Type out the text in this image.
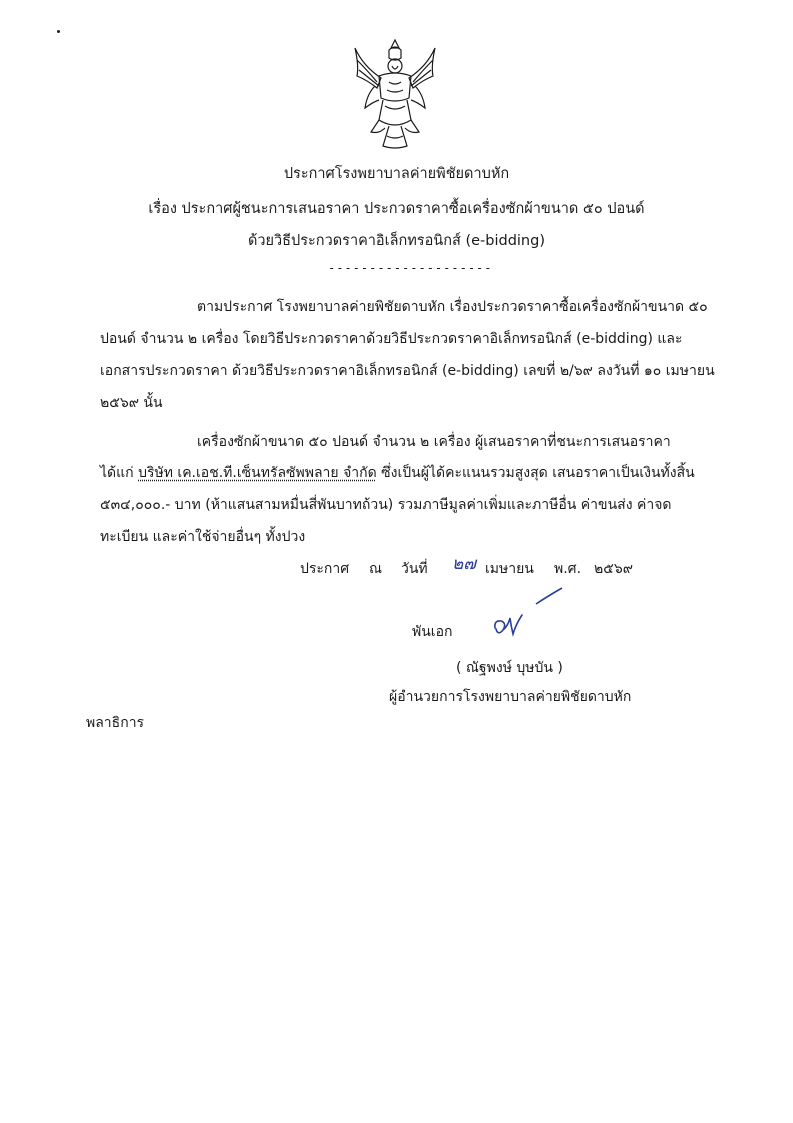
ประกาศโรงพยาบาลค่ายพิชัยดาบหัก
เรื่อง ประกาศผู้ชนะการเสนอราคา ประกวดราคาซื้อเครื่องซักผ้าขนาด ๕๐ ปอนด์
ด้วยวิธีประกวดราคาอิเล็กทรอนิกส์ (e-bidding)
--------------------
ตามประกาศ โรงพยาบาลค่ายพิชัยดาบหัก เรื่องประกวดราคาซื้อเครื่องซักผ้าขนาด ๕๐
ปอนด์ จำนวน ๒ เครื่อง โดยวิธีประกวดราคาด้วยวิธีประกวดราคาอิเล็กทรอนิกส์ (e-bidding) และ
เอกสารประกวดราคา ด้วยวิธีประกวดราคาอิเล็กทรอนิกส์ (e-bidding) เลขที่ ๒/๖๙ ลงวันที่ ๑๐ เมษายน
๒๕๖๙ นั้น
เครื่องซักผ้าขนาด ๕๐ ปอนด์ จำนวน ๒ เครื่อง ผู้เสนอราคาที่ชนะการเสนอราคา
ได้แก่ บริษัท เค.เอช.ที.เซ็นทรัลซัพพลาย จำกัด ซึ่งเป็นผู้ได้คะแนนรวมสูงสุด เสนอราคาเป็นเงินทั้งสิ้น
๕๓๔,๐๐๐.- บาท (ห้าแสนสามหมื่นสี่พันบาทถ้วน) รวมภาษีมูลค่าเพิ่มและภาษีอื่น ค่าขนส่ง ค่าจด
ทะเบียน และค่าใช้จ่ายอื่นๆ ทั้งปวง
ประกาศ ณ วันที่ ๒๗ เมษายน พ.ศ. ๒๕๖๙
พันเอก
( ณัฐพงษ์ บุษบัน )
ผู้อำนวยการโรงพยาบาลค่ายพิชัยดาบหัก
พลาธิการ
